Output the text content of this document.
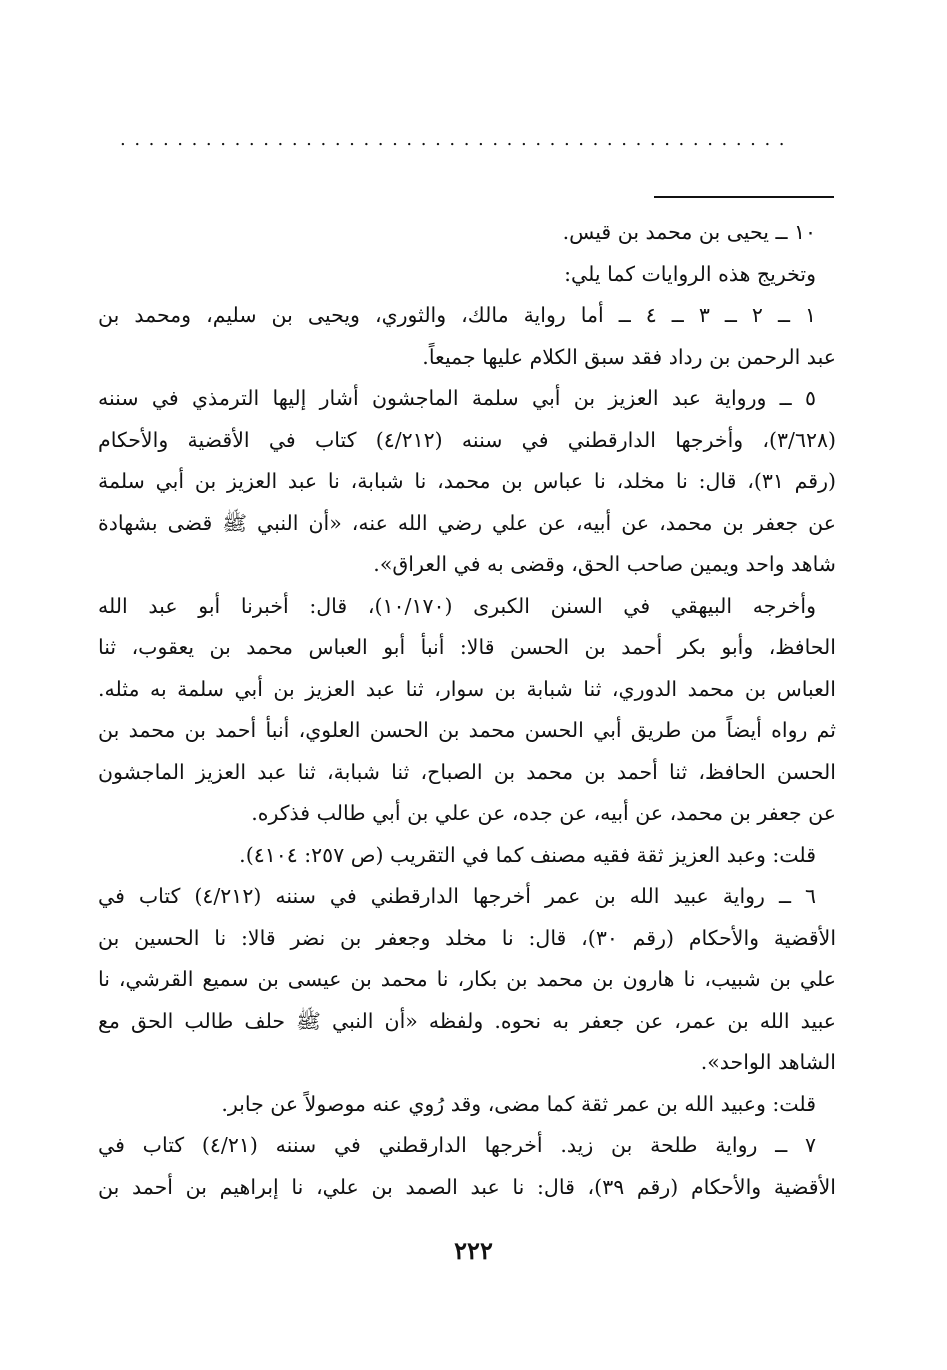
...............................................
١٠ ــ يحيى بن محمد بن قيس.
وتخريج هذه الروايات كما يلي:
١ ــ ٢ ــ ٣ ــ ٤ ــ أما رواية مالك، والثوري، ويحيى بن سليم، ومحمد بن
عبد الرحمن بن رداد فقد سبق الكلام عليها جميعاً.
٥ ــ ورواية عبد العزيز بن أبي سلمة الماجشون أشار إليها الترمذي في سننه
(٣/٦٢٨)، وأخرجها الدارقطني في سننه (٤/٢١٢) كتاب في الأقضية والأحكام
(رقم ٣١)، قال: نا مخلد، نا عباس بن محمد، نا شبابة، نا عبد العزيز بن أبي سلمة
عن جعفر بن محمد، عن أبيه، عن علي رضي الله عنه، «أن النبي ﷺ قضى بشهادة
شاهد واحد ويمين صاحب الحق، وقضى به في العراق».
وأخرجه البيهقي في السنن الكبرى (١٠/١٧٠)، قال: أخبرنا أبو عبد الله
الحافظ، وأبو بكر أحمد بن الحسن قالا: أنبأ أبو العباس محمد بن يعقوب، ثنا
العباس بن محمد الدوري، ثنا شبابة بن سوار، ثنا عبد العزيز بن أبي سلمة به مثله.
ثم رواه أيضاً من طريق أبي الحسن محمد بن الحسن العلوي، أنبأ أحمد بن محمد بن
الحسن الحافظ، ثنا أحمد بن محمد بن الصباح، ثنا شبابة، ثنا عبد العزيز الماجشون
عن جعفر بن محمد، عن أبيه، عن جده، عن علي بن أبي طالب فذكره.
قلت: وعبد العزيز ثقة فقيه مصنف كما في التقريب (ص ٢٥٧: ٤١٠٤).
٦ ــ رواية عبيد الله بن عمر أخرجها الدارقطني في سننه (٤/٢١٢) كتاب في
الأقضية والأحكام (رقم ٣٠)، قال: نا مخلد وجعفر بن نضر قالا: نا الحسين بن
علي بن شبيب، نا هارون بن محمد بن بكار، نا محمد بن عيسى بن سميع القرشي، نا
عبيد الله بن عمر، عن جعفر به نحوه. ولفظه «أن النبي ﷺ حلف طالب الحق مع
الشاهد الواحد».
قلت: وعبيد الله بن عمر ثقة كما مضى، وقد رُوي عنه موصولاً عن جابر.
٧ ــ رواية طلحة بن زيد. أخرجها الدارقطني في سننه (٤/٢١) كتاب في
الأقضية والأحكام (رقم ٣٩)، قال: نا عبد الصمد بن علي، نا إبراهيم بن أحمد بن
٢٢٢
